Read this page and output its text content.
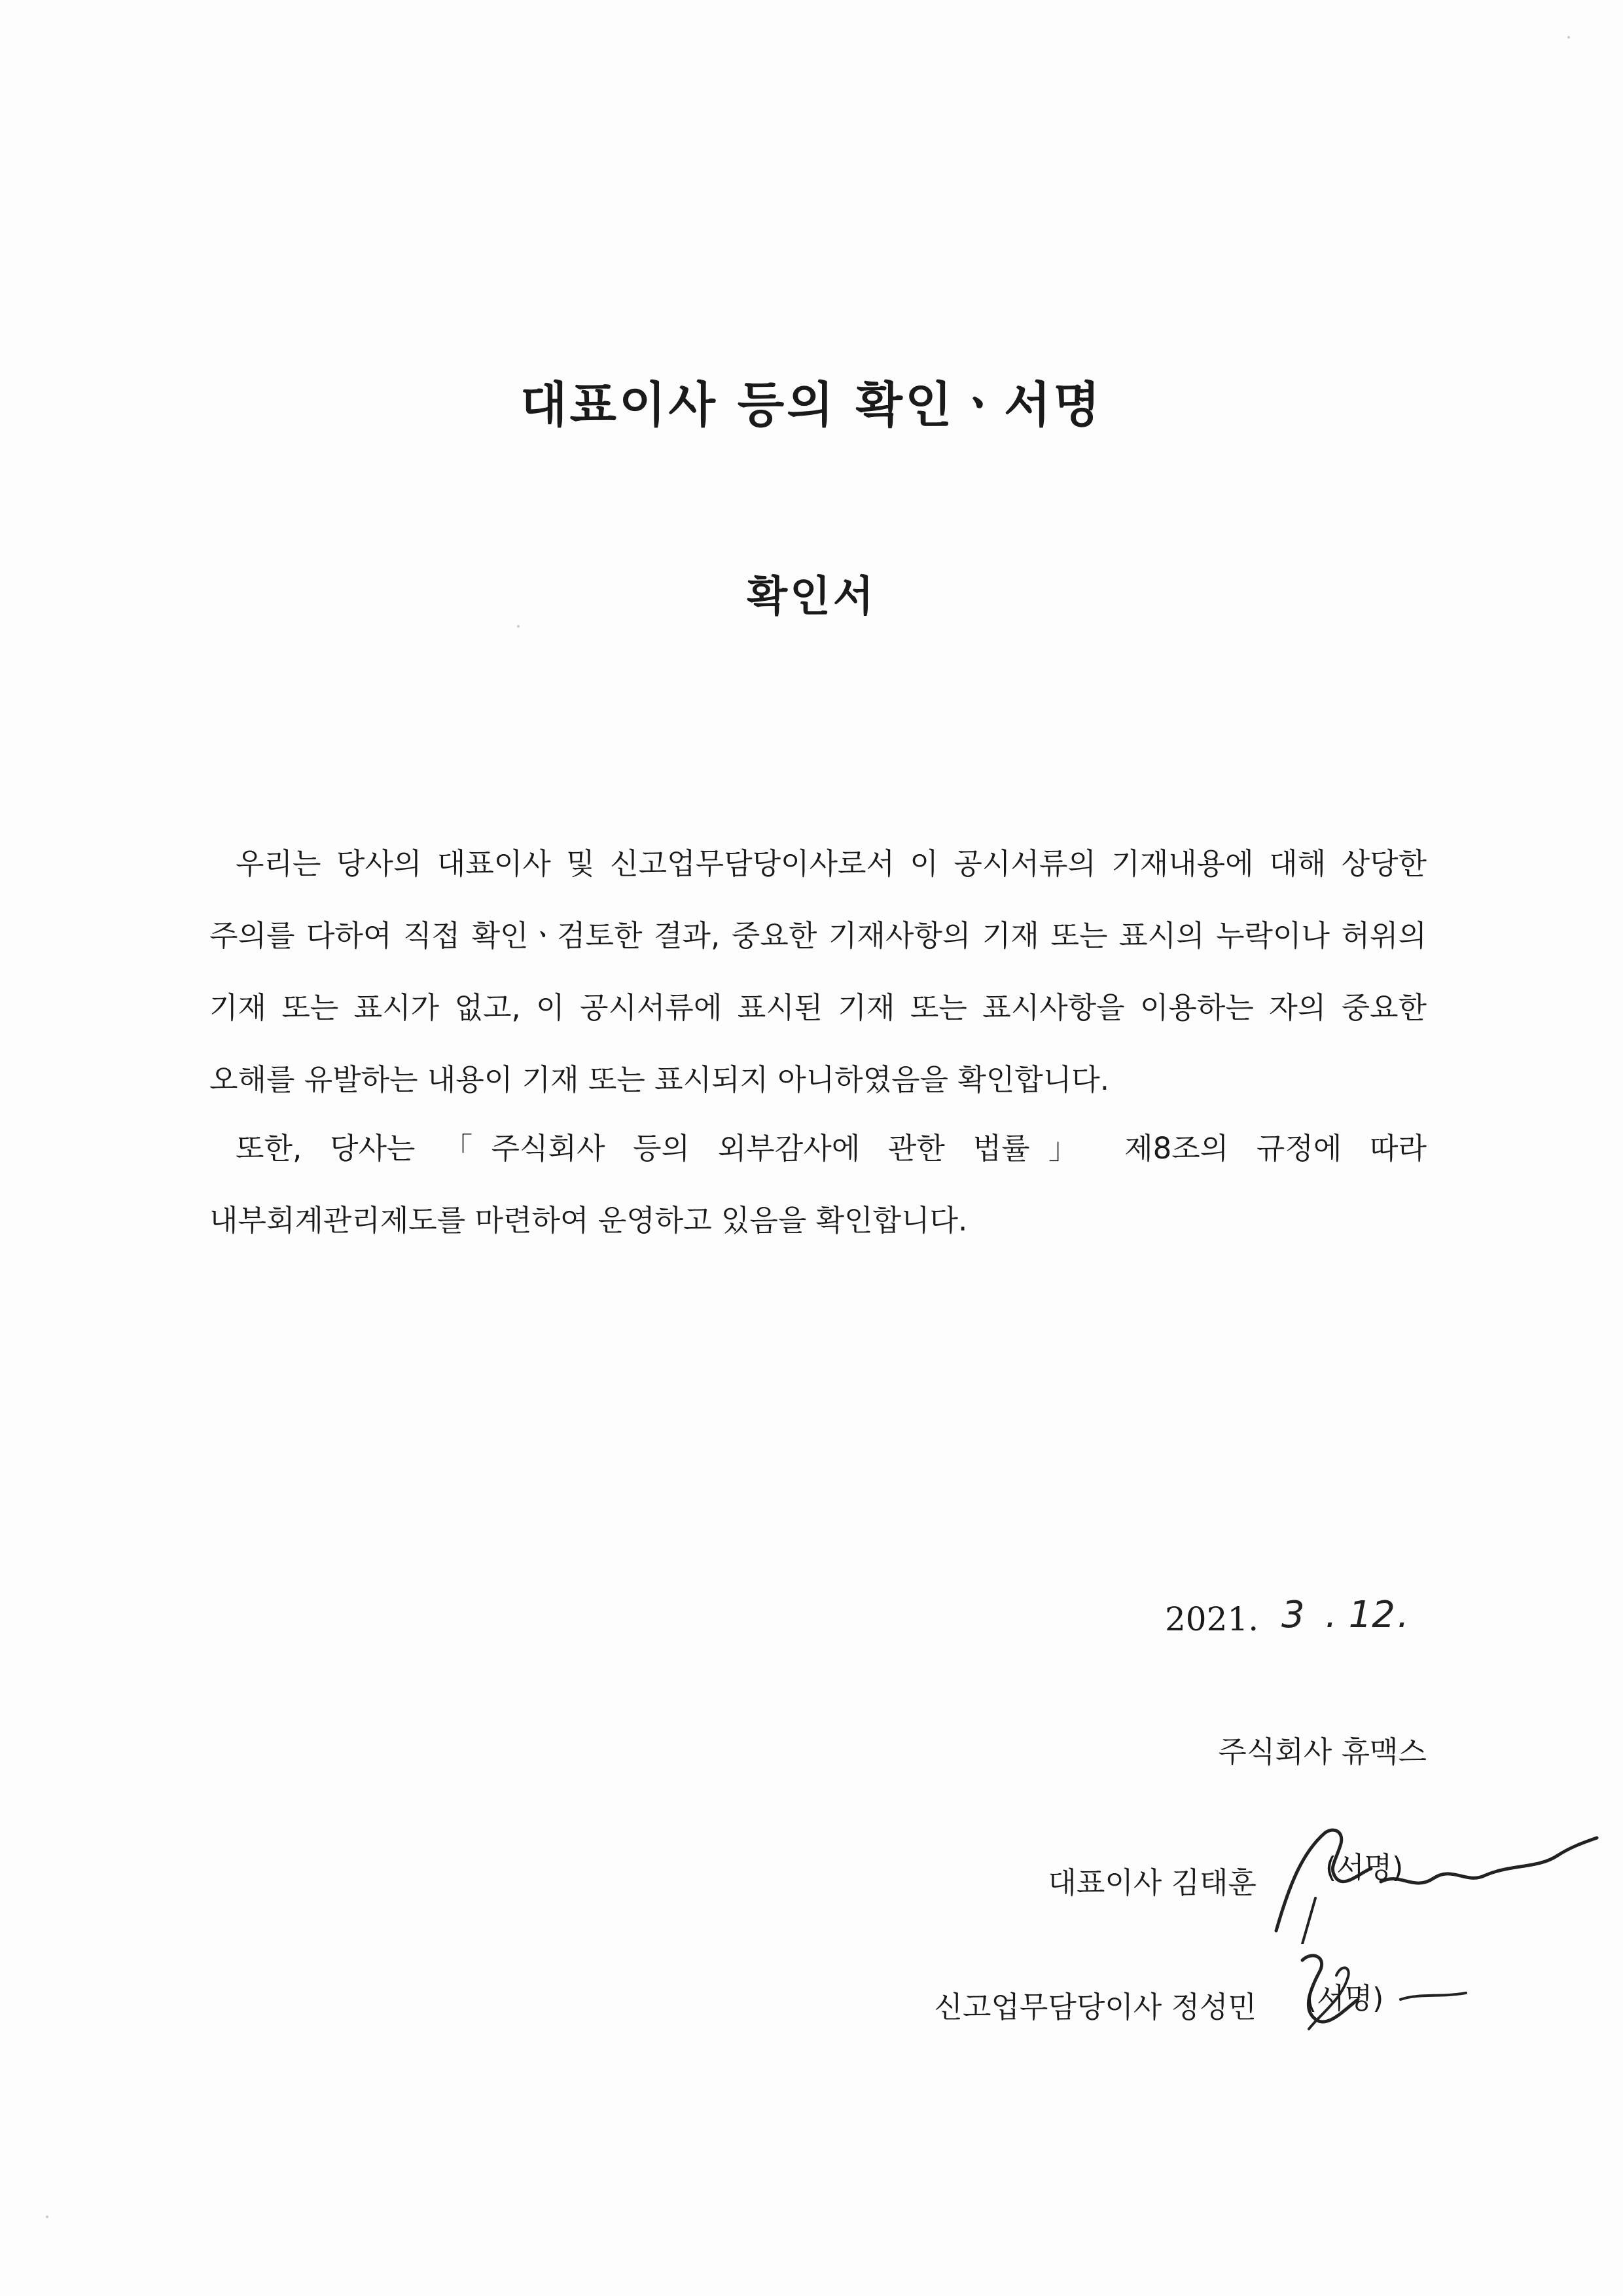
대표이사 등의 확인ㆍ서명
확인서

우리는 당사의 대표이사 및 신고업무담당이사로서 이 공시서류의 기재내용에 대해 상당한 주의를 다하여 직접 확인ㆍ검토한 결과, 중요한 기재사항의 기재 또는 표시의 누락이나 허위의 기재 또는 표시가 없고, 이 공시서류에 표시된 기재 또는 표시사항을 이용하는 자의 중요한 오해를 유발하는 내용이 기재 또는 표시되지 아니하였음을 확인합니다.

또한, 당사는 「주식회사 등의 외부감사에 관한 법률」 제8조의 규정에 따라 내부회계관리제도를 마련하여 운영하고 있음을 확인합니다.

2021. 3 . 12 .

주식회사 휴맥스

대표이사 김태훈 (서명)
신고업무담당이사 정성민 (서명)
